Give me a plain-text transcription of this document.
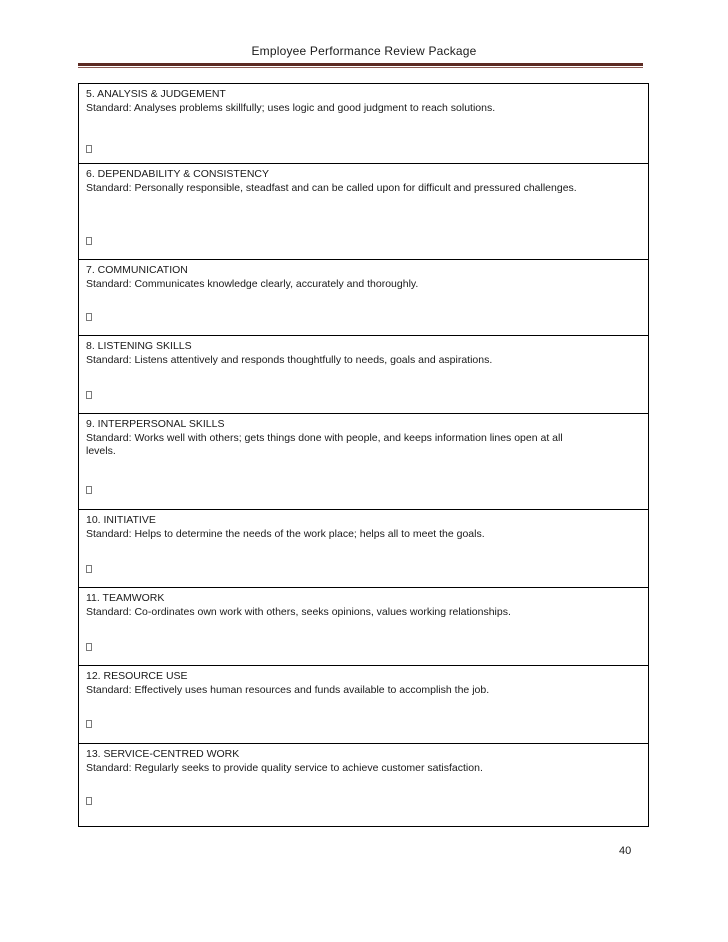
Employee Performance Review Package
5. ANALYSIS & JUDGEMENT
Standard: Analyses problems skillfully; uses logic and good judgment to reach solutions.
6. DEPENDABILITY & CONSISTENCY
Standard: Personally responsible, steadfast and can be called upon for difficult and pressured challenges.
7. COMMUNICATION
Standard: Communicates knowledge clearly, accurately and thoroughly.
8. LISTENING SKILLS
Standard: Listens attentively and responds thoughtfully to needs, goals and aspirations.
9. INTERPERSONAL SKILLS
Standard: Works well with others; gets things done with people, and keeps information lines open at all levels.
10. INITIATIVE
Standard: Helps to determine the needs of the work place; helps all to meet the goals.
11. TEAMWORK
Standard: Co-ordinates own work with others, seeks opinions, values working relationships.
12. RESOURCE USE
Standard: Effectively uses human resources and funds available to accomplish the job.
13. SERVICE-CENTRED WORK
Standard: Regularly seeks to provide quality service to achieve customer satisfaction.
40
